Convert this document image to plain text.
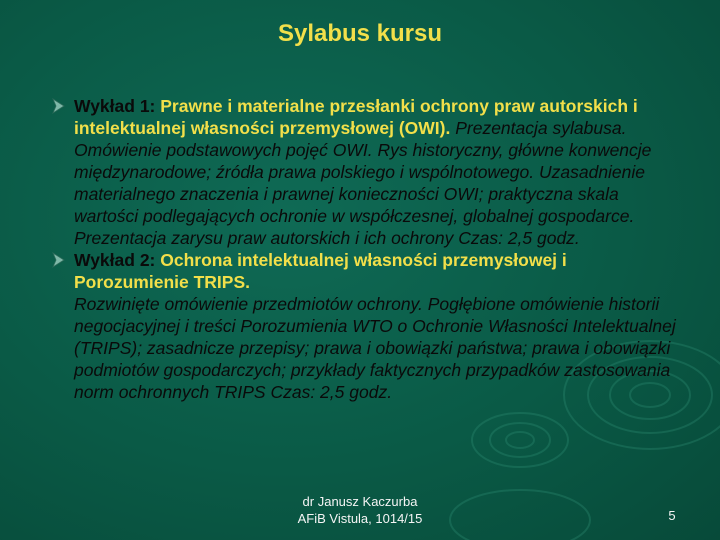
Sylabus kursu
Wykład 1: Prawne i materialne przesłanki ochrony praw autorskich i intelektualnej własności przemysłowej (OWI). Prezentacja sylabusa. Omówienie podstawowych pojęć OWI. Rys historyczny, główne konwencje międzynarodowe; źródła prawa polskiego i wspólnotowego. Uzasadnienie materialnego znaczenia i prawnej konieczności OWI; praktyczna skala wartości podlegających ochronie w współczesnej, globalnej gospodarce. Prezentacja zarysu praw autorskich i ich ochrony Czas: 2,5 godz.
Wykład 2: Ochrona intelektualnej własności przemysłowej i Porozumienie TRIPS.
Rozwinięte omówienie przedmiotów ochrony. Pogłębione omówienie historii negocjacyjnej i treści Porozumienia WTO o Ochronie Własności Intelektualnej (TRIPS); zasadnicze przepisy; prawa i obowiązki państwa; prawa i obowiązki podmiotów gospodarczych; przykłady faktycznych przypadków zastosowania norm ochronnych TRIPS Czas: 2,5 godz.
dr Janusz Kaczurba
AFiB Vistula, 1014/15	5
